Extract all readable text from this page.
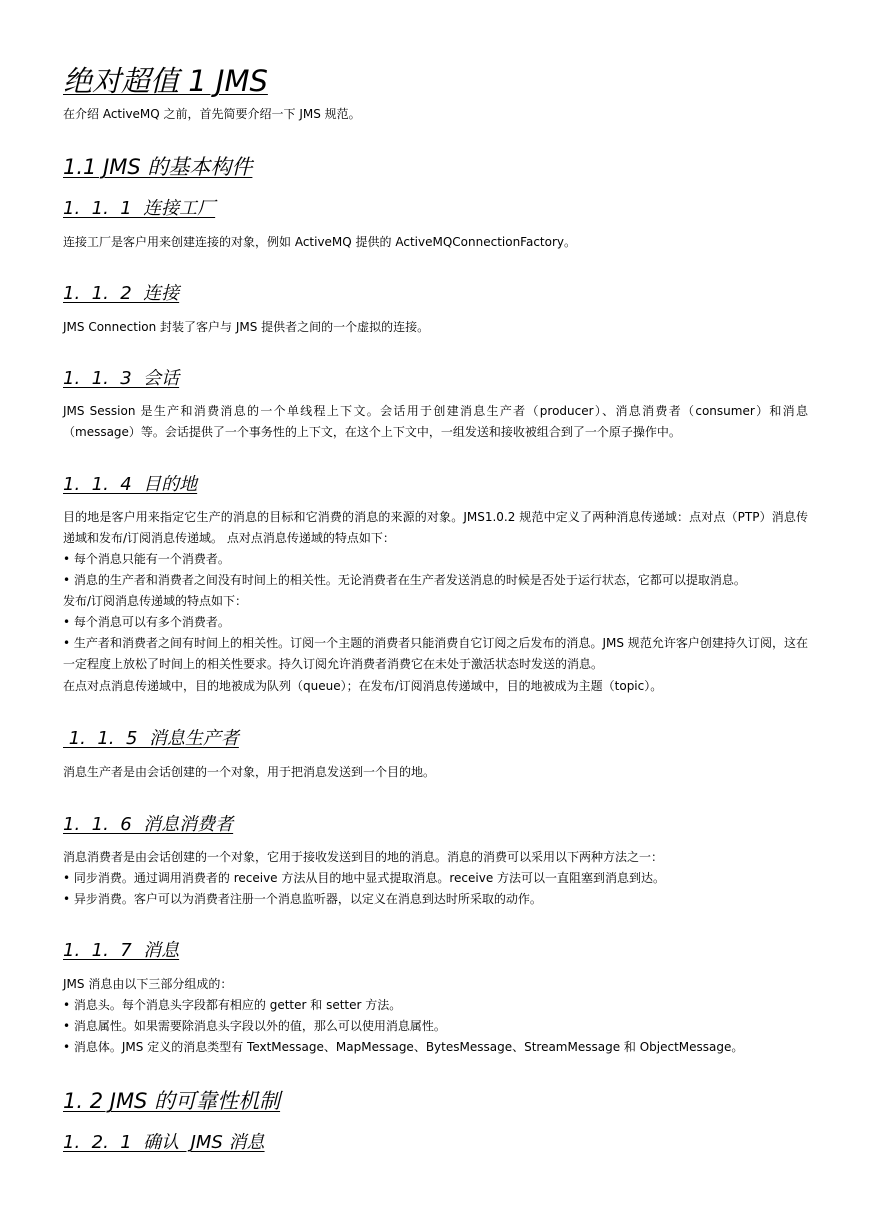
绝对超值 1 JMS
在介绍 ActiveMQ 之前，首先简要介绍一下 JMS 规范。
1.1 JMS 的基本构件
1.  1.  1  连接工厂
连接工厂是客户用来创建连接的对象，例如 ActiveMQ 提供的 ActiveMQConnectionFactory。
1.  1.  2  连接
JMS Connection 封装了客户与 JMS 提供者之间的一个虚拟的连接。
1.  1.  3  会话
JMS Session 是生产和消费消息的一个单线程上下文。会话用于创建消息生产者（producer）、消息消费者（consumer）和消息（message）等。会话提供了一个事务性的上下文，在这个上下文中，一组发送和接收被组合到了一个原子操作中。
1.  1.  4  目的地
目的地是客户用来指定它生产的消息的目标和它消费的消息的来源的对象。JMS1.0.2 规范中定义了两种消息传递域：点对点（PTP）消息传递域和发布/订阅消息传递域。 点对点消息传递域的特点如下：
• 每个消息只能有一个消费者。
• 消息的生产者和消费者之间没有时间上的相关性。无论消费者在生产者发送消息的时候是否处于运行状态，它都可以提取消息。
发布/订阅消息传递域的特点如下：
• 每个消息可以有多个消费者。
• 生产者和消费者之间有时间上的相关性。订阅一个主题的消费者只能消费自它订阅之后发布的消息。JMS 规范允许客户创建持久订阅，这在一定程度上放松了时间上的相关性要求。持久订阅允许消费者消费它在未处于激活状态时发送的消息。
在点对点消息传递域中，目的地被成为队列（queue）；在发布/订阅消息传递域中，目的地被成为主题（topic）。
1.  1.  5  消息生产者
消息生产者是由会话创建的一个对象，用于把消息发送到一个目的地。
1.  1.  6  消息消费者
消息消费者是由会话创建的一个对象，它用于接收发送到目的地的消息。消息的消费可以采用以下两种方法之一：
• 同步消费。通过调用消费者的 receive 方法从目的地中显式提取消息。receive 方法可以一直阻塞到消息到达。
• 异步消费。客户可以为消费者注册一个消息监听器，以定义在消息到达时所采取的动作。
1.  1.  7  消息
JMS 消息由以下三部分组成的：
• 消息头。每个消息头字段都有相应的 getter 和 setter 方法。
• 消息属性。如果需要除消息头字段以外的值，那么可以使用消息属性。
• 消息体。JMS 定义的消息类型有 TextMessage、MapMessage、BytesMessage、StreamMessage 和 ObjectMessage。
1. 2 JMS 的可靠性机制
1.  2.  1  确认  JMS 消息
